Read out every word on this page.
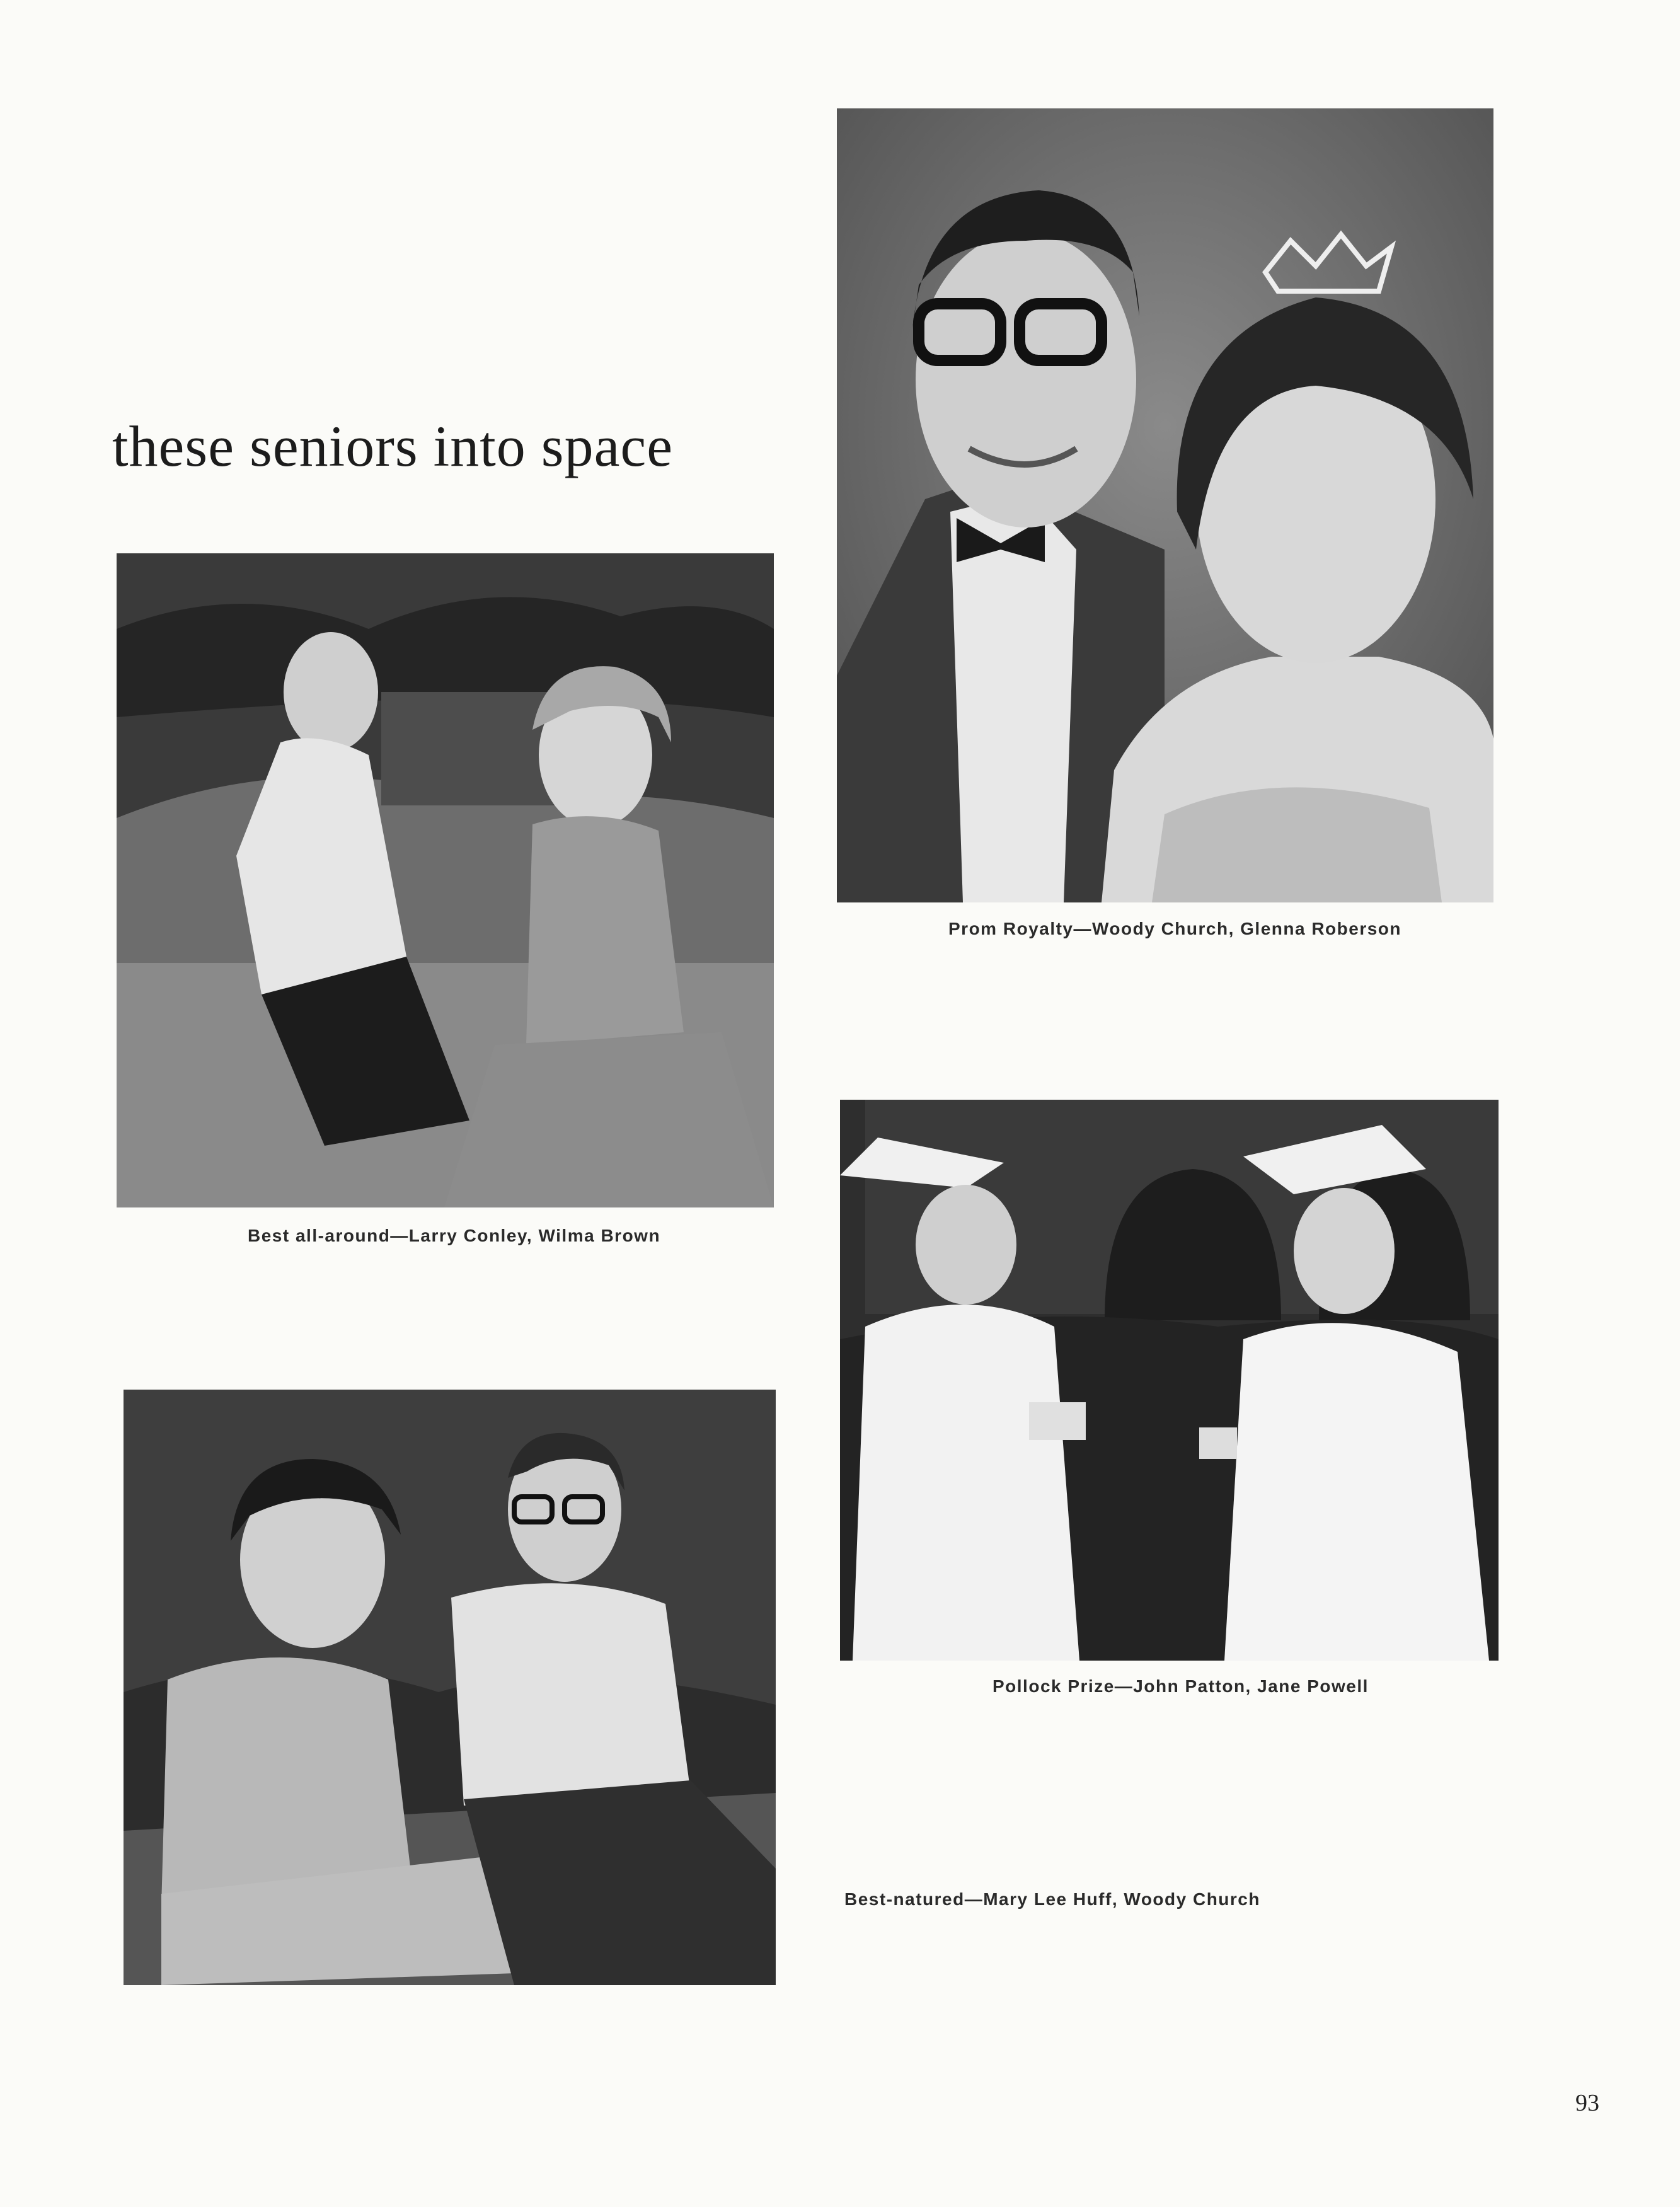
these seniors into space
Prom Royalty—Woody Church, Glenna Roberson
Best all-around—Larry Conley, Wilma Brown
Pollock Prize—John Patton, Jane Powell
Best-natured—Mary Lee Huff, Woody Church
93
